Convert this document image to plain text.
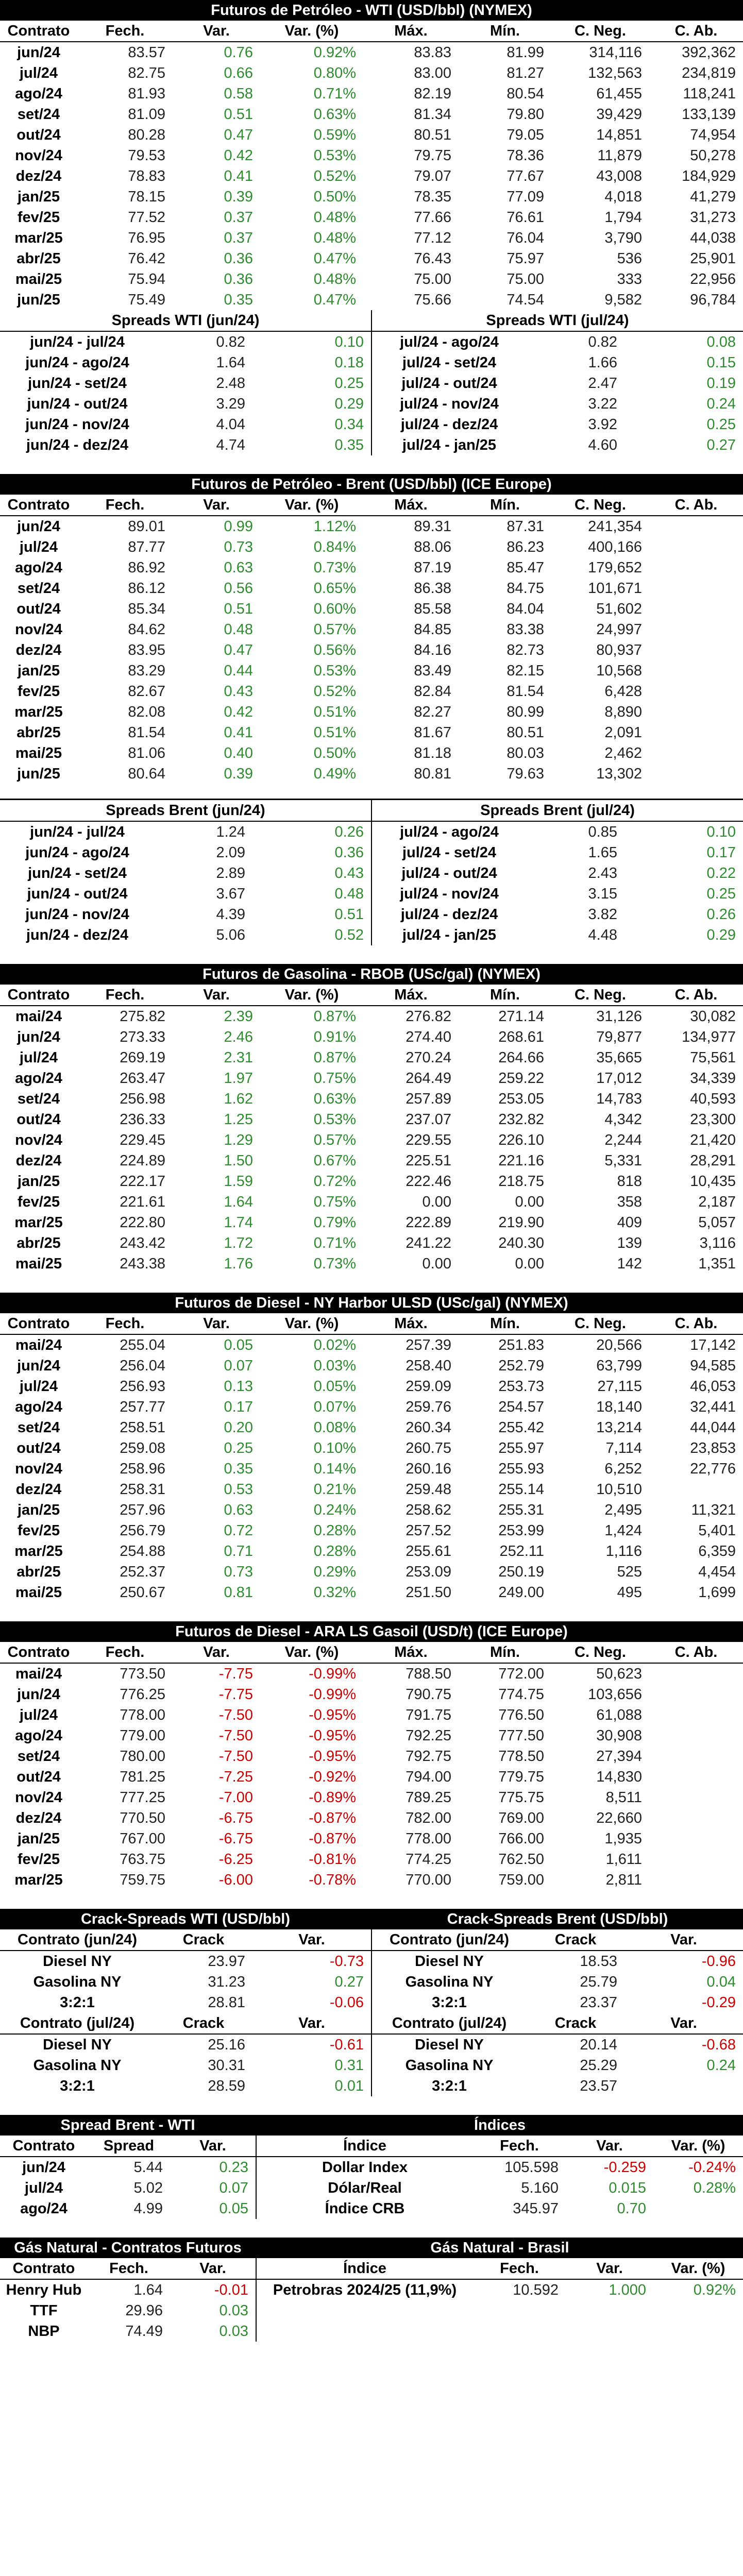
Futuros de Petróleo - WTI (USD/bbl) (NYMEX)
Contrato	Fech.	Var.	Var. (%)	Máx.	Mín.	C. Neg.	C. Ab.
jun/24	83.57	0.76	0.92%	83.83	81.99	314,116	392,362
jul/24	82.75	0.66	0.80%	83.00	81.27	132,563	234,819
ago/24	81.93	0.58	0.71%	82.19	80.54	61,455	118,241
set/24	81.09	0.51	0.63%	81.34	79.80	39,429	133,139
out/24	80.28	0.47	0.59%	80.51	79.05	14,851	74,954
nov/24	79.53	0.42	0.53%	79.75	78.36	11,879	50,278
dez/24	78.83	0.41	0.52%	79.07	77.67	43,008	184,929
jan/25	78.15	0.39	0.50%	78.35	77.09	4,018	41,279
fev/25	77.52	0.37	0.48%	77.66	76.61	1,794	31,273
mar/25	76.95	0.37	0.48%	77.12	76.04	3,790	44,038
abr/25	76.42	0.36	0.47%	76.43	75.97	536	25,901
mai/25	75.94	0.36	0.48%	75.00	75.00	333	22,956
jun/25	75.49	0.35	0.47%	75.66	74.54	9,582	96,784
Spreads WTI (jun/24)
jun/24 - jul/24	0.82	0.10
jun/24 - ago/24	1.64	0.18
jun/24 - set/24	2.48	0.25
jun/24 - out/24	3.29	0.29
jun/24 - nov/24	4.04	0.34
jun/24 - dez/24	4.74	0.35
Spreads WTI (jul/24)
jul/24 - ago/24	0.82	0.08
jul/24 - set/24	1.66	0.15
jul/24 - out/24	2.47	0.19
jul/24 - nov/24	3.22	0.24
jul/24 - dez/24	3.92	0.25
jul/24 - jan/25	4.60	0.27
Futuros de Petróleo - Brent (USD/bbl) (ICE Europe)
Contrato	Fech.	Var.	Var. (%)	Máx.	Mín.	C. Neg.	C. Ab.
jun/24	89.01	0.99	1.12%	89.31	87.31	241,354	
jul/24	87.77	0.73	0.84%	88.06	86.23	400,166	
ago/24	86.92	0.63	0.73%	87.19	85.47	179,652	
set/24	86.12	0.56	0.65%	86.38	84.75	101,671	
out/24	85.34	0.51	0.60%	85.58	84.04	51,602	
nov/24	84.62	0.48	0.57%	84.85	83.38	24,997	
dez/24	83.95	0.47	0.56%	84.16	82.73	80,937	
jan/25	83.29	0.44	0.53%	83.49	82.15	10,568	
fev/25	82.67	0.43	0.52%	82.84	81.54	6,428	
mar/25	82.08	0.42	0.51%	82.27	80.99	8,890	
abr/25	81.54	0.41	0.51%	81.67	80.51	2,091	
mai/25	81.06	0.40	0.50%	81.18	80.03	2,462	
jun/25	80.64	0.39	0.49%	80.81	79.63	13,302	
Spreads Brent (jun/24)
jun/24 - jul/24	1.24	0.26
jun/24 - ago/24	2.09	0.36
jun/24 - set/24	2.89	0.43
jun/24 - out/24	3.67	0.48
jun/24 - nov/24	4.39	0.51
jun/24 - dez/24	5.06	0.52
Spreads Brent (jul/24)
jul/24 - ago/24	0.85	0.10
jul/24 - set/24	1.65	0.17
jul/24 - out/24	2.43	0.22
jul/24 - nov/24	3.15	0.25
jul/24 - dez/24	3.82	0.26
jul/24 - jan/25	4.48	0.29
Futuros de Gasolina - RBOB (USc/gal) (NYMEX)
Contrato	Fech.	Var.	Var. (%)	Máx.	Mín.	C. Neg.	C. Ab.
mai/24	275.82	2.39	0.87%	276.82	271.14	31,126	30,082
jun/24	273.33	2.46	0.91%	274.40	268.61	79,877	134,977
jul/24	269.19	2.31	0.87%	270.24	264.66	35,665	75,561
ago/24	263.47	1.97	0.75%	264.49	259.22	17,012	34,339
set/24	256.98	1.62	0.63%	257.89	253.05	14,783	40,593
out/24	236.33	1.25	0.53%	237.07	232.82	4,342	23,300
nov/24	229.45	1.29	0.57%	229.55	226.10	2,244	21,420
dez/24	224.89	1.50	0.67%	225.51	221.16	5,331	28,291
jan/25	222.17	1.59	0.72%	222.46	218.75	818	10,435
fev/25	221.61	1.64	0.75%	0.00	0.00	358	2,187
mar/25	222.80	1.74	0.79%	222.89	219.90	409	5,057
abr/25	243.42	1.72	0.71%	241.22	240.30	139	3,116
mai/25	243.38	1.76	0.73%	0.00	0.00	142	1,351
Futuros de Diesel - NY Harbor ULSD (USc/gal) (NYMEX)
Contrato	Fech.	Var.	Var. (%)	Máx.	Mín.	C. Neg.	C. Ab.
mai/24	255.04	0.05	0.02%	257.39	251.83	20,566	17,142
jun/24	256.04	0.07	0.03%	258.40	252.79	63,799	94,585
jul/24	256.93	0.13	0.05%	259.09	253.73	27,115	46,053
ago/24	257.77	0.17	0.07%	259.76	254.57	18,140	32,441
set/24	258.51	0.20	0.08%	260.34	255.42	13,214	44,044
out/24	259.08	0.25	0.10%	260.75	255.97	7,114	23,853
nov/24	258.96	0.35	0.14%	260.16	255.93	6,252	22,776
dez/24	258.31	0.53	0.21%	259.48	255.14	10,510	
jan/25	257.96	0.63	0.24%	258.62	255.31	2,495	11,321
fev/25	256.79	0.72	0.28%	257.52	253.99	1,424	5,401
mar/25	254.88	0.71	0.28%	255.61	252.11	1,116	6,359
abr/25	252.37	0.73	0.29%	253.09	250.19	525	4,454
mai/25	250.67	0.81	0.32%	251.50	249.00	495	1,699
Futuros de Diesel - ARA LS Gasoil (USD/t) (ICE Europe)
Contrato	Fech.	Var.	Var. (%)	Máx.	Mín.	C. Neg.	C. Ab.
mai/24	773.50	-7.75	-0.99%	788.50	772.00	50,623	
jun/24	776.25	-7.75	-0.99%	790.75	774.75	103,656	
jul/24	778.00	-7.50	-0.95%	791.75	776.50	61,088	
ago/24	779.00	-7.50	-0.95%	792.25	777.50	30,908	
set/24	780.00	-7.50	-0.95%	792.75	778.50	27,394	
out/24	781.25	-7.25	-0.92%	794.00	779.75	14,830	
nov/24	777.25	-7.00	-0.89%	789.25	775.75	8,511	
dez/24	770.50	-6.75	-0.87%	782.00	769.00	22,660	
jan/25	767.00	-6.75	-0.87%	778.00	766.00	1,935	
fev/25	763.75	-6.25	-0.81%	774.25	762.50	1,611	
mar/25	759.75	-6.00	-0.78%	770.00	759.00	2,811	
Crack-Spreads WTI (USD/bbl)
Contrato (jun/24)	Crack	Var.
Diesel NY	23.97	-0.73
Gasolina NY	31.23	0.27
3:2:1	28.81	-0.06
Contrato (jul/24)	Crack	Var.
Diesel NY	25.16	-0.61
Gasolina NY	30.31	0.31
3:2:1	28.59	0.01
Crack-Spreads Brent (USD/bbl)
Contrato (jun/24)	Crack	Var.
Diesel NY	18.53	-0.96
Gasolina NY	25.79	0.04
3:2:1	23.37	-0.29
Contrato (jul/24)	Crack	Var.
Diesel NY	20.14	-0.68
Gasolina NY	25.29	0.24
3:2:1	23.57	
Spread Brent - WTI
Contrato	Spread	Var.
jun/24	5.44	0.23
jul/24	5.02	0.07
ago/24	4.99	0.05
Índices
Índice	Fech.	Var.	Var. (%)
Dollar Index	105.598	-0.259	-0.24%
Dólar/Real	5.160	0.015	0.28%
Índice CRB	345.97	0.70	
Gás Natural - Contratos Futuros
Contrato	Fech.	Var.
Henry Hub	1.64	-0.01
TTF	29.96	0.03
NBP	74.49	0.03
Gás Natural - Brasil
Índice	Fech.	Var.	Var. (%)
Petrobras 2024/25 (11,9%)	10.592	1.000	0.92%
